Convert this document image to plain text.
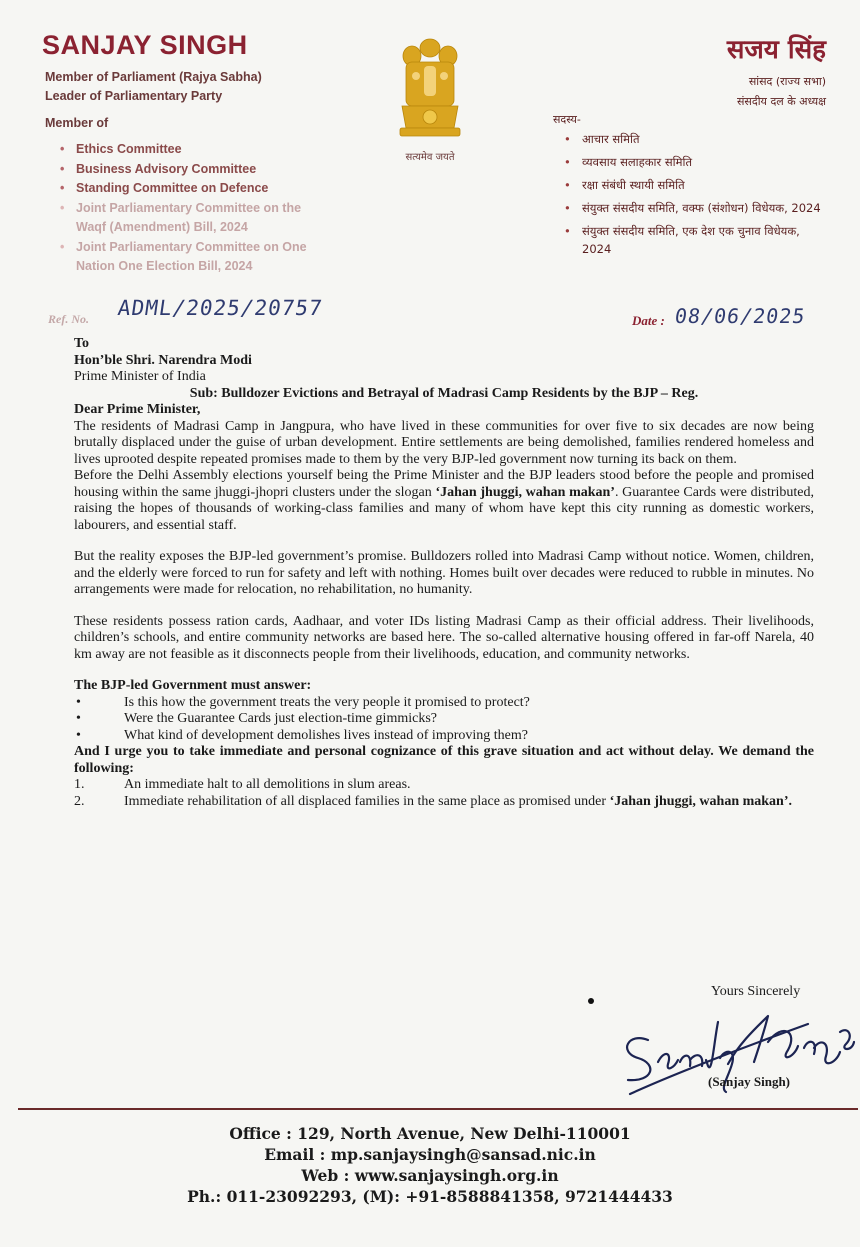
SANJAY SINGH
Member of Parliament (Rajya Sabha)
Leader of Parliamentary Party
Member of
• Ethics Committee
• Business Advisory Committee
• Standing Committee on Defence
• Joint Parliamentary Committee on the Waqf (Amendment) Bill, 2024
• Joint Parliamentary Committee on One Nation One Election Bill, 2024
सत्यमेव जयते
सजय सिंह
सांसद (राज्य सभा)
संसदीय दल के अध्यक्ष
सदस्य-
• आचार समिति
• व्यवसाय सलाहकार समिति
• रक्षा संबंधी स्थायी समिति
• संयुक्त संसदीय समिति, वक्फ (संशोधन) विधेयक, 2024
• संयुक्त संसदीय समिति, एक देश एक चुनाव विधेयक, 2024
Ref. No. ADML/2025/20757
Date : 08/06/2025

To

Hon’ble Shri. Narendra Modi

Prime Minister of India

Sub: Bulldozer Evictions and Betrayal of Madrasi Camp Residents by the BJP – Reg.

Dear Prime Minister,

The residents of Madrasi Camp in Jangpura, who have lived in these communities for over five to six decades are now being brutally displaced under the guise of urban development. Entire settlements are being demolished, families rendered homeless and lives uprooted despite repeated promises made to them by the very BJP-led government now turning its back on them.

Before the Delhi Assembly elections yourself being the Prime Minister and the BJP leaders stood before the people and promised housing within the same jhuggi-jhopri clusters under the slogan ‘Jahan jhuggi, wahan makan’. Guarantee Cards were distributed, raising the hopes of thousands of working-class families and many of whom have kept this city running as domestic workers, labourers, and essential staff.

But the reality exposes the BJP-led government’s promise. Bulldozers rolled into Madrasi Camp without notice. Women, children, and the elderly were forced to run for safety and left with nothing. Homes built over decades were reduced to rubble in minutes. No arrangements were made for relocation, no rehabilitation, no humanity.

These residents possess ration cards, Aadhaar, and voter IDs listing Madrasi Camp as their official address. Their livelihoods, children’s schools, and entire community networks are based here. The so-called alternative housing offered in far-off Narela, 40 km away are not feasible as it disconnects people from their livelihoods, education, and community networks.

The BJP-led Government must answer:

• Is this how the government treats the very people it promised to protect?
• Were the Guarantee Cards just election-time gimmicks?
• What kind of development demolishes lives instead of improving them?

And I urge you to take immediate and personal cognizance of this grave situation and act without delay. We demand the following:

1.	An immediate halt to all demolitions in slum areas.
2.	Immediate rehabilitation of all displaced families in the same place as promised under ‘Jahan jhuggi, wahan makan’.
Yours Sincerely
(Sanjay Singh)
Office : 129, North Avenue, New Delhi-110001
Email : mp.sanjaysingh@sansad.nic.in
Web : www.sanjaysingh.org.in
Ph.: 011-23092293, (M): +91-8588841358, 9721444433
